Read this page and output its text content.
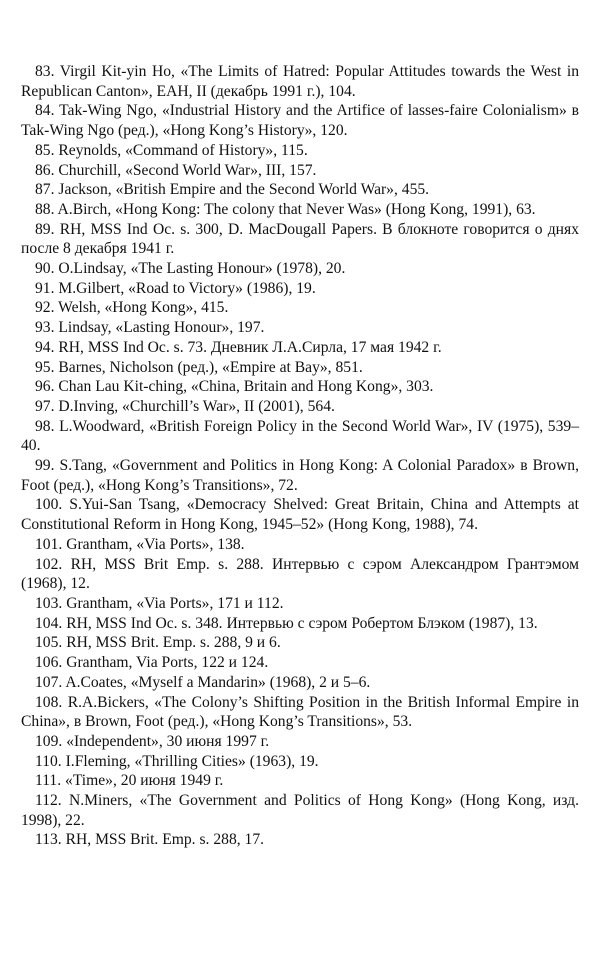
83. Virgil Kit-yin Ho, «The Limits of Hatred: Popular Attitudes towards the West in Republican Canton», EAH, II (декабрь 1991 г.), 104.

84. Tak-Wing Ngo, «Industrial History and the Artifice of lasses-faire Colonialism» в Tak-Wing Ngo (ред.), «Hong Kong’s History», 120.

85. Reynolds, «Command of History», 115.

86. Churchill, «Second World War», III, 157.

87. Jackson, «British Empire and the Second World War», 455.

88. A.Birch, «Hong Kong: The colony that Never Was» (Hong Kong, 1991), 63.

89. RH, MSS Ind Oc. s. 300, D. MacDougall Papers. В блокноте говорится о днях после 8 декабря 1941 г.

90. O.Lindsay, «The Lasting Honour» (1978), 20.

91. M.Gilbert, «Road to Victory» (1986), 19.

92. Welsh, «Hong Kong», 415.

93. Lindsay, «Lasting Honour», 197.

94. RH, MSS Ind Oc. s. 73. Дневник Л.А.Сирла, 17 мая 1942 г.

95. Barnes, Nicholson (ред.), «Empire at Bay», 851.

96. Chan Lau Kit-ching, «China, Britain and Hong Kong», 303.

97. D.Inving, «Churchill’s War», II (2001), 564.

98. L.Woodward, «British Foreign Policy in the Second World War», IV (1975), 539–40.

99. S.Tang, «Government and Politics in Hong Kong: A Colonial Paradox» в Brown, Foot (ред.), «Hong Kong’s Transitions», 72.

100. S.Yui-San Tsang, «Democracy Shelved: Great Britain, China and Attempts at Constitutional Reform in Hong Kong, 1945–52» (Hong Kong, 1988), 74.

101. Grantham, «Via Ports», 138.

102. RH, MSS Brit Emp. s. 288. Интервью с сэром Александром Грантэмом (1968), 12.

103. Grantham, «Via Ports», 171 и 112.

104. RH, MSS Ind Oc. s. 348. Интервью с сэром Робертом Блэком (1987), 13.

105. RH, MSS Brit. Emp. s. 288, 9 и 6.

106. Grantham, Via Ports, 122 и 124.

107. A.Coates, «Myself a Mandarin» (1968), 2 и 5–6.

108. R.A.Bickers, «The Colony’s Shifting Position in the British Informal Empire in China», в Brown, Foot (ред.), «Hong Kong’s Transitions», 53.

109. «Independent», 30 июня 1997 г.

110. I.Fleming, «Thrilling Cities» (1963), 19.

111. «Time», 20 июня 1949 г.

112. N.Miners, «The Government and Politics of Hong Kong» (Hong Kong, изд. 1998), 22.

113. RH, MSS Brit. Emp. s. 288, 17.
